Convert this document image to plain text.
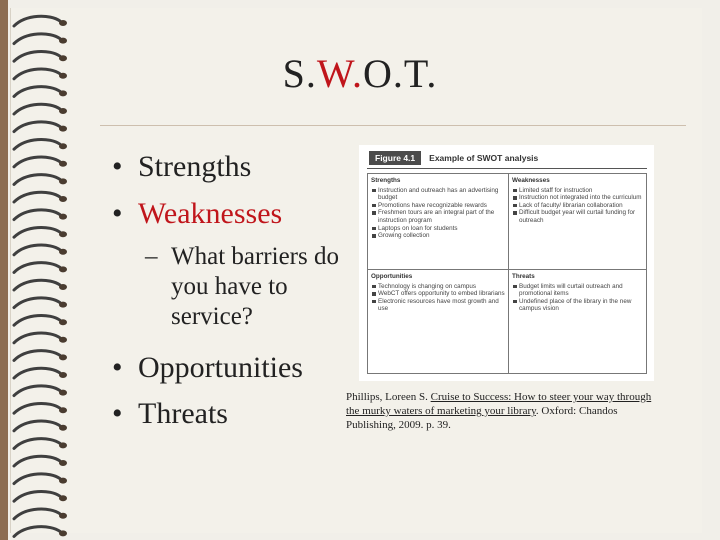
S.W.O.T.
• Strengths
• Weaknesses
– What barriers do you have to service?
• Opportunities
• Threats
Figure 4.1	Example of SWOT analysis
Strengths
Instruction and outreach has an advertising budget
Promotions have recognizable rewards
Freshmen tours are an integral part of the instruction program
Laptops on loan for students
Growing collection
Weaknesses
Limited staff for instruction
Instruction not integrated into the curriculum
Lack of faculty/ librarian collaboration
Difficult budget year will curtail funding for outreach
Opportunities
Technology is changing on campus
WebCT offers opportunity to embed librarians
Electronic resources have most growth and use
Threats
Budget limits will curtail outreach and promotional items
Undefined place of the library in the new campus vision
Phillips, Loreen S. Cruise to Success: How to steer your way through the murky waters of marketing your library. Oxford: Chandos Publishing, 2009. p. 39.
